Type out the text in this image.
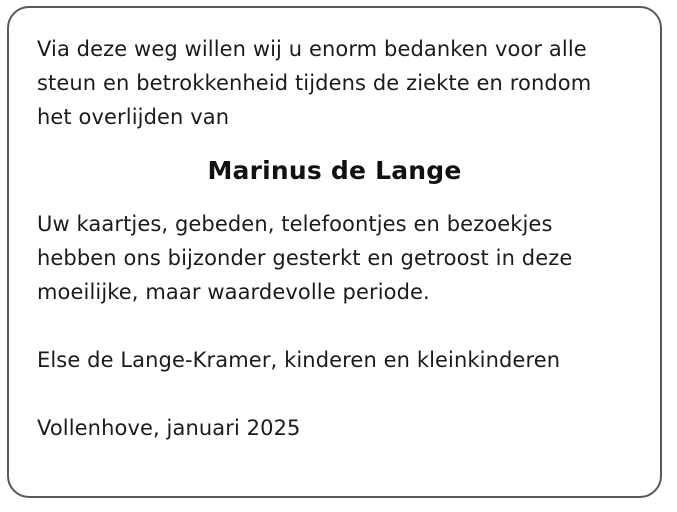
Via deze weg willen wij u enorm bedanken voor alle steun en betrokkenheid tijdens de ziekte en rondom het overlijden van

Marinus de Lange

Uw kaartjes, gebeden, telefoontjes en bezoekjes hebben ons bijzonder gesterkt en getroost in deze moeilijke, maar waardevolle periode.

Else de Lange-Kramer, kinderen en kleinkinderen

Vollenhove, januari 2025
